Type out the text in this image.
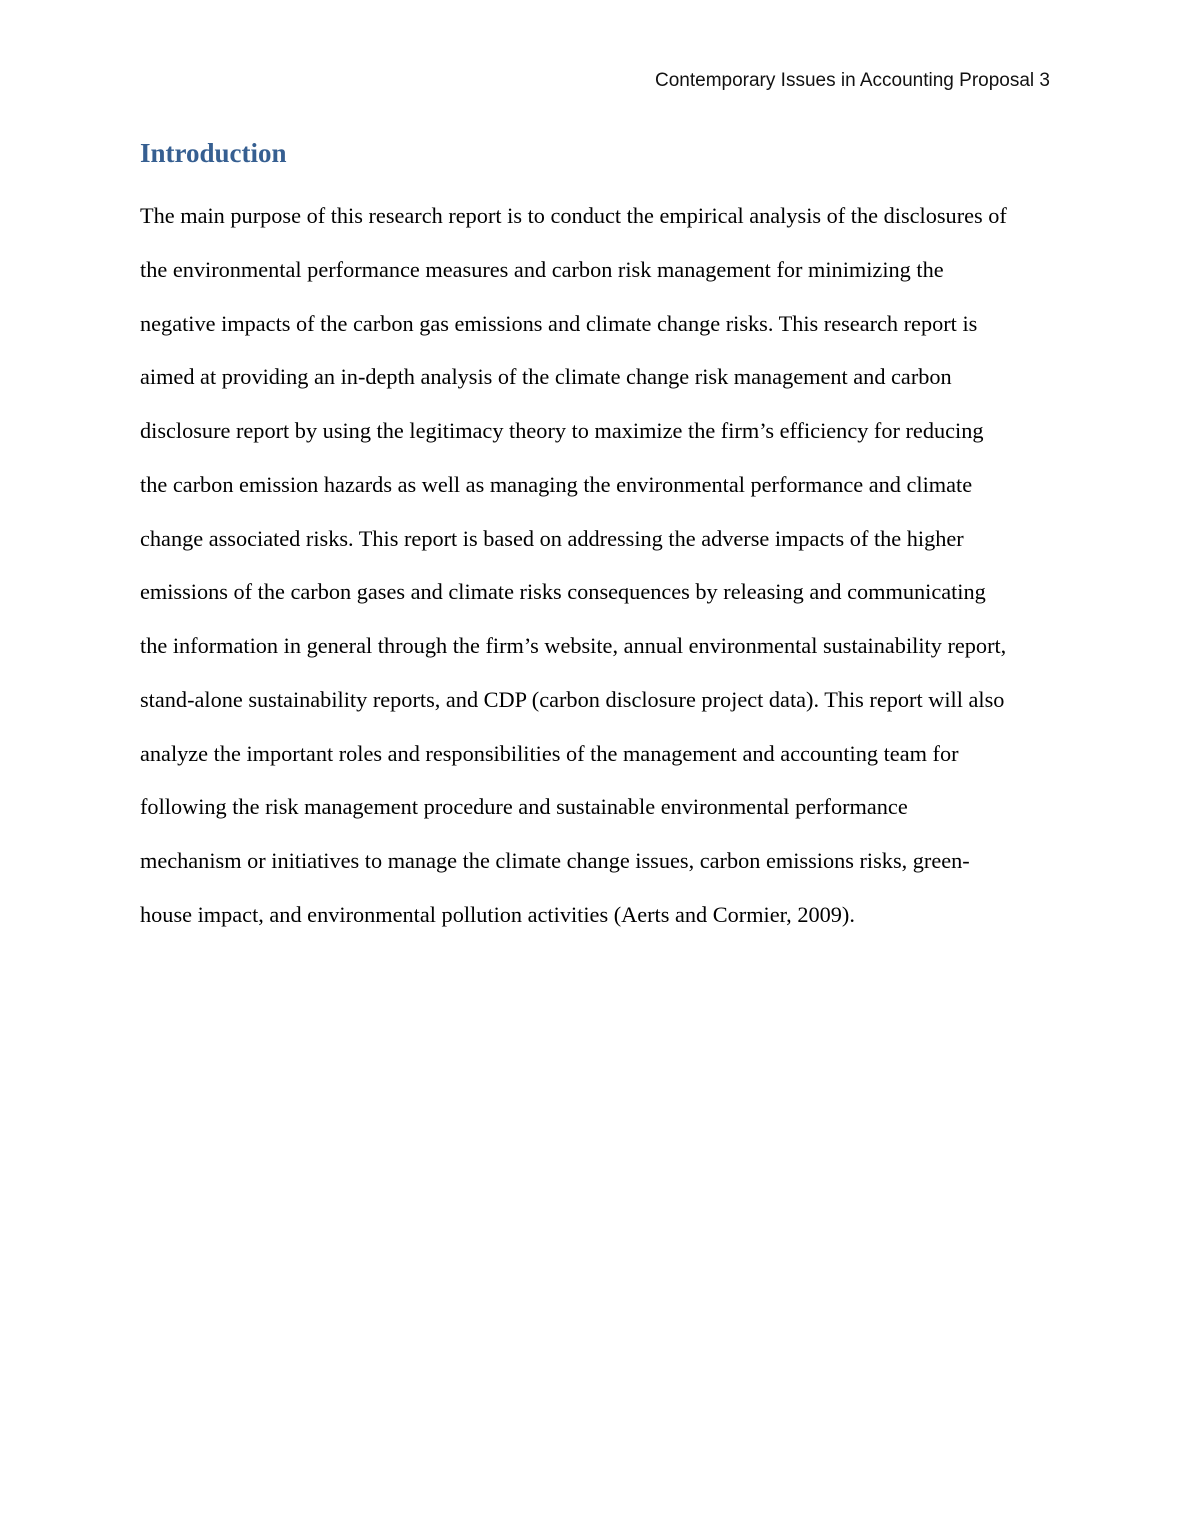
Contemporary Issues in Accounting Proposal 3
Introduction
The main purpose of this research report is to conduct the empirical analysis of the disclosures of
the environmental performance measures and carbon risk management for minimizing the
negative impacts of the carbon gas emissions and climate change risks. This research report is
aimed at providing an in-depth analysis of the climate change risk management and carbon
disclosure report by using the legitimacy theory to maximize the firm’s efficiency for reducing
the carbon emission hazards as well as managing the environmental performance and climate
change associated risks. This report is based on addressing the adverse impacts of the higher
emissions of the carbon gases and climate risks consequences by releasing and communicating
the information in general through the firm’s website, annual environmental sustainability report,
stand-alone sustainability reports, and CDP (carbon disclosure project data). This report will also
analyze the important roles and responsibilities of the management and accounting team for
following the risk management procedure and sustainable environmental performance
mechanism or initiatives to manage the climate change issues, carbon emissions risks, green-
house impact, and environmental pollution activities (Aerts and Cormier, 2009).
